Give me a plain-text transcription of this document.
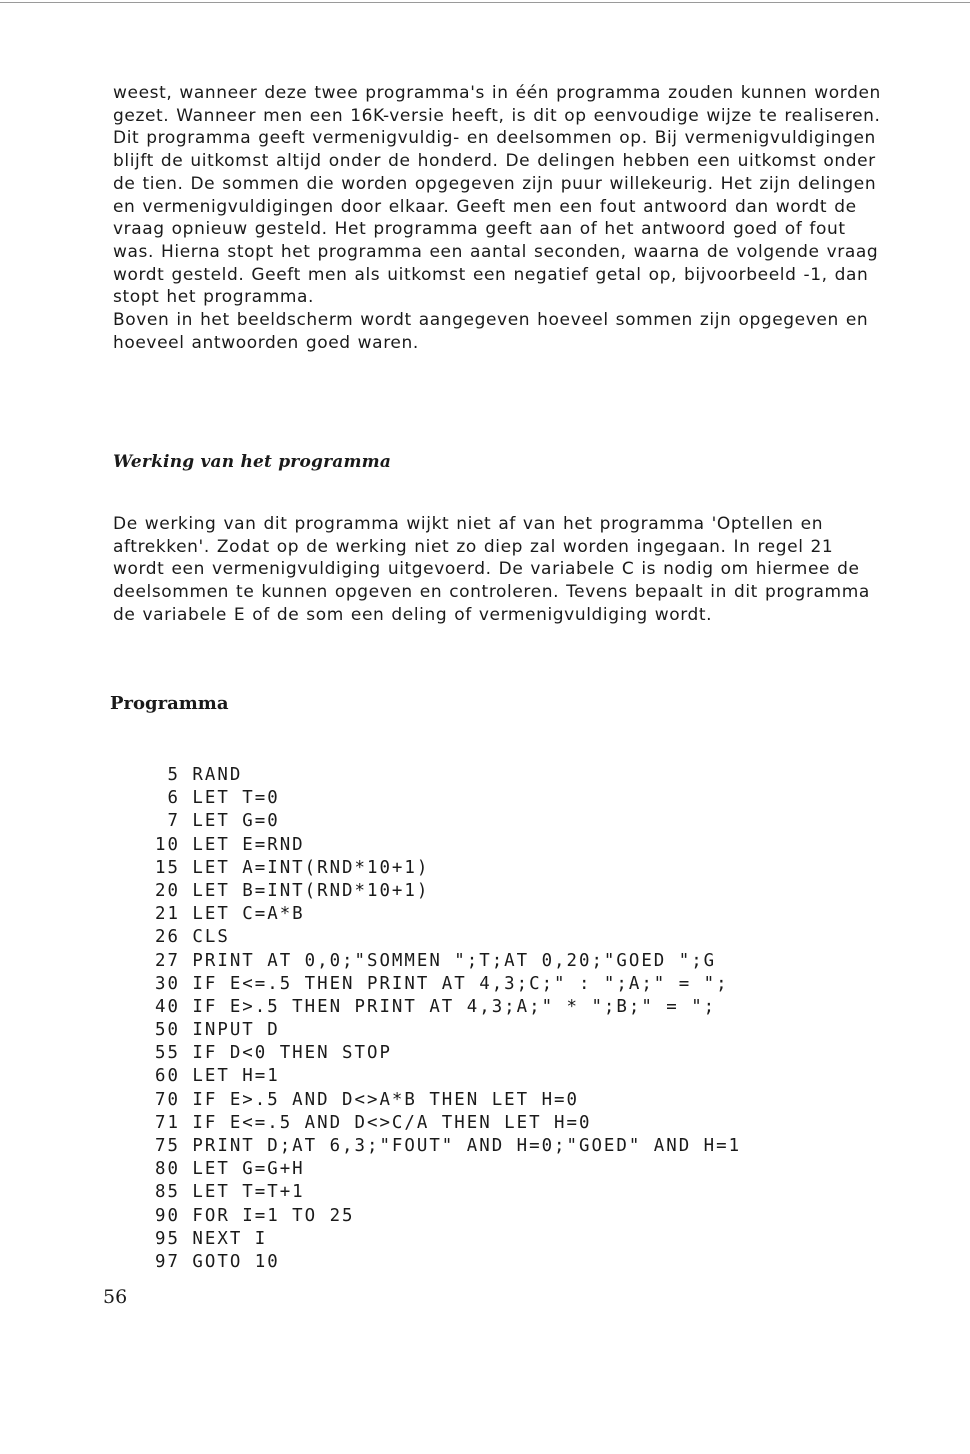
weest, wanneer deze twee programma's in één programma zouden kunnen worden gezet. Wanneer men een 16K-versie heeft, is dit op eenvoudige wijze te realiseren.

Dit programma geeft vermenigvuldig- en deelsommen op. Bij vermenigvuldigingen blijft de uitkomst altijd onder de honderd. De delingen hebben een uitkomst onder de tien. De sommen die worden opgegeven zijn puur willekeurig. Het zijn delingen en vermenigvuldigingen door elkaar. Geeft men een fout antwoord dan wordt de vraag opnieuw gesteld. Het programma geeft aan of het antwoord goed of fout was. Hierna stopt het programma een aantal seconden, waarna de volgende vraag wordt gesteld. Geeft men als uitkomst een negatief getal op, bijvoorbeeld -1, dan stopt het programma.

Boven in het beeldscherm wordt aangegeven hoeveel sommen zijn opgegeven en hoeveel antwoorden goed waren.

Werking van het programma

De werking van dit programma wijkt niet af van het programma 'Optellen en aftrekken'. Zodat op de werking niet zo diep zal worden ingegaan. In regel 21 wordt een vermenigvuldiging uitgevoerd. De variabele C is nodig om hiermee de deelsommen te kunnen opgeven en controleren. Tevens bepaalt in dit programma de variabele E of de som een deling of vermenigvuldiging wordt.

Programma
5 RAND
6 LET T=0
7 LET G=0
10 LET E=RND
15 LET A=INT(RND*10+1)
20 LET B=INT(RND*10+1)
21 LET C=A*B
26 CLS
27 PRINT AT 0,0;"SOMMEN ";T;AT 0,20;"GOED ";G
30 IF E<=.5 THEN PRINT AT 4,3;C;" : ";A;" = ";
40 IF E>.5 THEN PRINT AT 4,3;A;" * ";B;" = ";
50 INPUT D
55 IF D<0 THEN STOP
60 LET H=1
70 IF E>.5 AND D<>A*B THEN LET H=0
71 IF E<=.5 AND D<>C/A THEN LET H=0
75 PRINT D;AT 6,3;"FOUT" AND H=0;"GOED" AND H=1
80 LET G=G+H
85 LET T=T+1
90 FOR I=1 TO 25
95 NEXT I
97 GOTO 10
56
